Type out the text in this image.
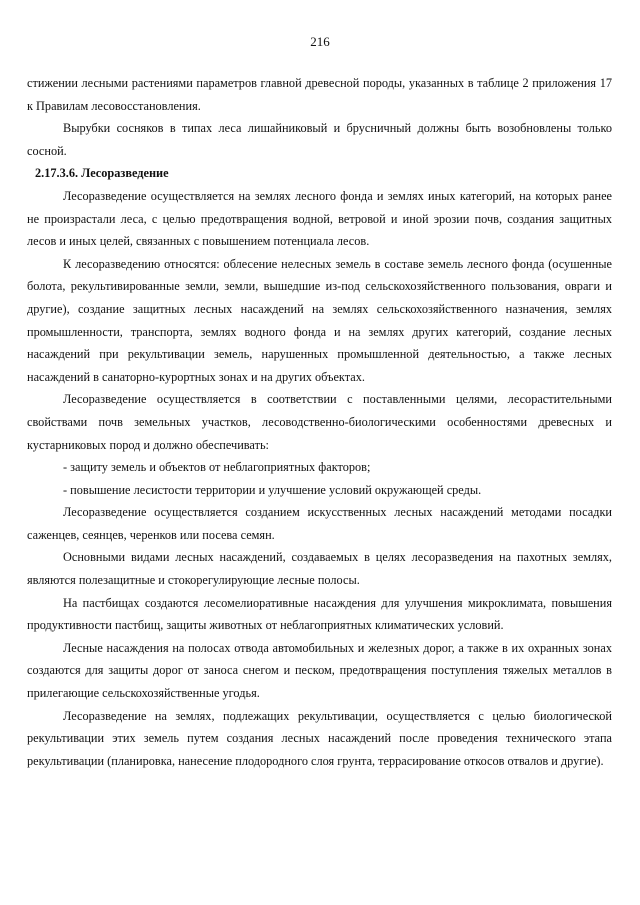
216

стижении лесными растениями параметров главной древесной породы, указанных в таблице 2 приложения 17 к Правилам лесовосстановления.

Вырубки сосняков в типах леса лишайниковый и брусничный должны быть возобновлены только сосной.

2.17.3.6. Лесоразведение

Лесоразведение осуществляется на землях лесного фонда и землях иных категорий, на которых ранее не произрастали леса, с целью предотвращения водной, ветровой и иной эрозии почв, создания защитных лесов и иных целей, связанных с повышением потенциала лесов.

К лесоразведению относятся: облесение нелесных земель в составе земель лесного фонда (осушенные болота, рекультивированные земли, земли, вышедшие из-под сельскохозяйственного пользования, овраги и другие), создание защитных лесных насаждений на землях сельскохозяйственного назначения, землях промышленности, транспорта, землях водного фонда и на землях других категорий, создание лесных насаждений при рекультивации земель, нарушенных промышленной деятельностью, а также лесных насаждений в санаторно-курортных зонах и на других объектах.

Лесоразведение осуществляется в соответствии с поставленными целями, лесорастительными свойствами почв земельных участков, лесоводственно-биологическими особенностями древесных и кустарниковых пород и должно обеспечивать:

- защиту земель и объектов от неблагоприятных факторов;

- повышение лесистости территории и улучшение условий окружающей среды.

Лесоразведение осуществляется созданием искусственных лесных насаждений методами посадки саженцев, сеянцев, черенков или посева семян.

Основными видами лесных насаждений, создаваемых в целях лесоразведения на пахотных землях, являются полезащитные и стокорегулирующие лесные полосы.

На пастбищах создаются лесомелиоративные насаждения для улучшения микроклимата, повышения продуктивности пастбищ, защиты животных от неблагоприятных климатических условий.

Лесные насаждения на полосах отвода автомобильных и железных дорог, а также в их охранных зонах создаются для защиты дорог от заноса снегом и песком, предотвращения поступления тяжелых металлов в прилегающие сельскохозяйственные угодья.

Лесоразведение на землях, подлежащих рекультивации, осуществляется с целью биологической рекультивации этих земель путем создания лесных насаждений после проведения технического этапа рекультивации (планировка, нанесение плодородного слоя грунта, террасирование откосов отвалов и другие).
